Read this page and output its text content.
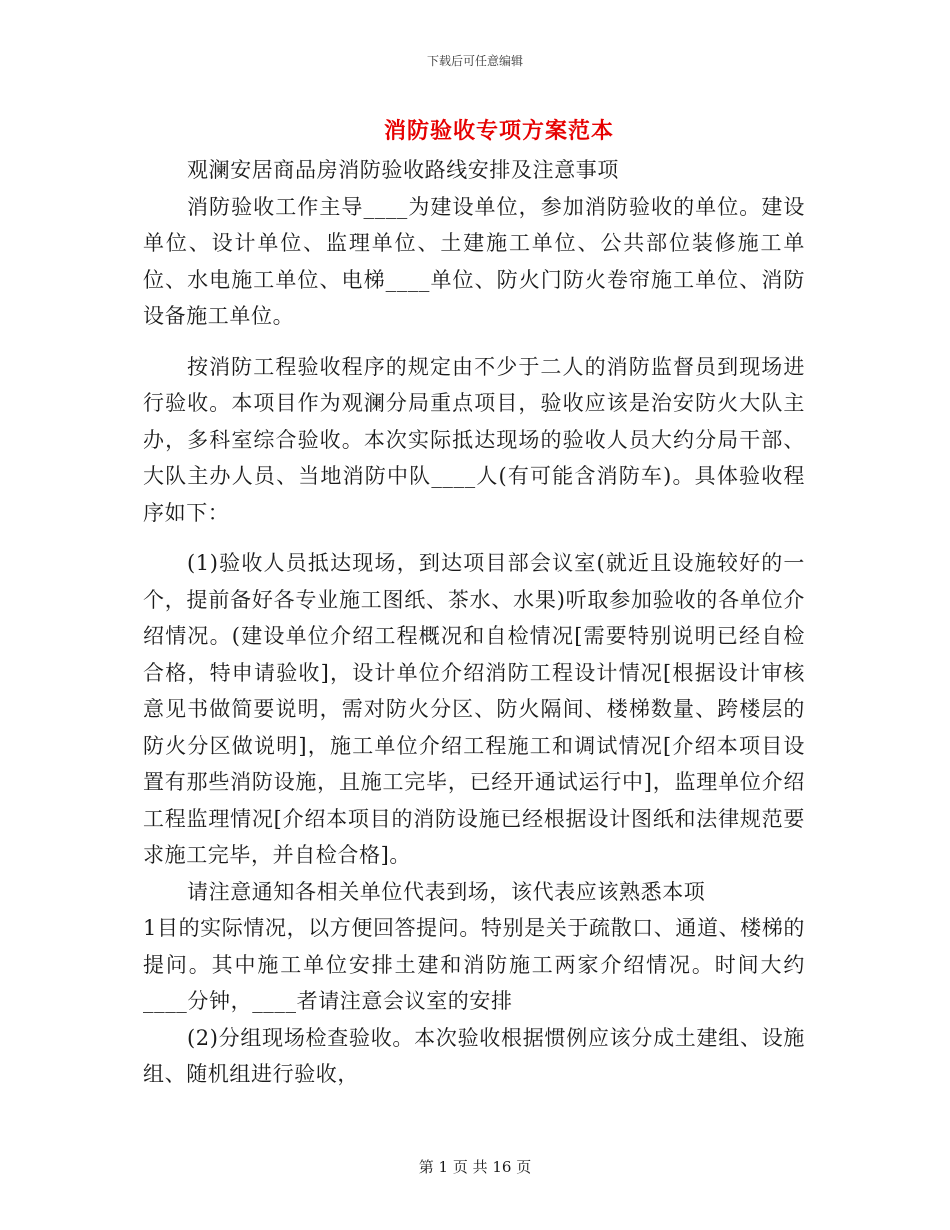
下载后可任意编辑
消防验收专项方案范本

观澜安居商品房消防验收路线安排及注意事项

消防验收工作主导____为建设单位，参加消防验收的单位。建设单位、设计单位、监理单位、土建施工单位、公共部位装修施工单位、水电施工单位、电梯____单位、防火门防火卷帘施工单位、消防设备施工单位。

按消防工程验收程序的规定由不少于二人的消防监督员到现场进行验收。本项目作为观澜分局重点项目，验收应该是治安防火大队主办，多科室综合验收。本次实际抵达现场的验收人员大约分局干部、大队主办人员、当地消防中队____人(有可能含消防车)。具体验收程序如下：

(1)验收人员抵达现场，到达项目部会议室(就近且设施较好的一个，提前备好各专业施工图纸、茶水、水果)听取参加验收的各单位介绍情况。(建设单位介绍工程概况和自检情况[需要特别说明已经自检合格，特申请验收]，设计单位介绍消防工程设计情况[根据设计审核意见书做简要说明，需对防火分区、防火隔间、楼梯数量、跨楼层的防火分区做说明]，施工单位介绍工程施工和调试情况[介绍本项目设置有那些消防设施，且施工完毕，已经开通试运行中]，监理单位介绍工程监理情况[介绍本项目的消防设施已经根据设计图纸和法律规范要求施工完毕，并自检合格]。

请注意通知各相关单位代表到场，该代表应该熟悉本项

1目的实际情况，以方便回答提问。特别是关于疏散口、通道、楼梯的提问。其中施工单位安排土建和消防施工两家介绍情况。时间大约____分钟，____者请注意会议室的安排

(2)分组现场检查验收。本次验收根据惯例应该分成土建组、设施组、随机组进行验收，

第 1 页 共 16 页
